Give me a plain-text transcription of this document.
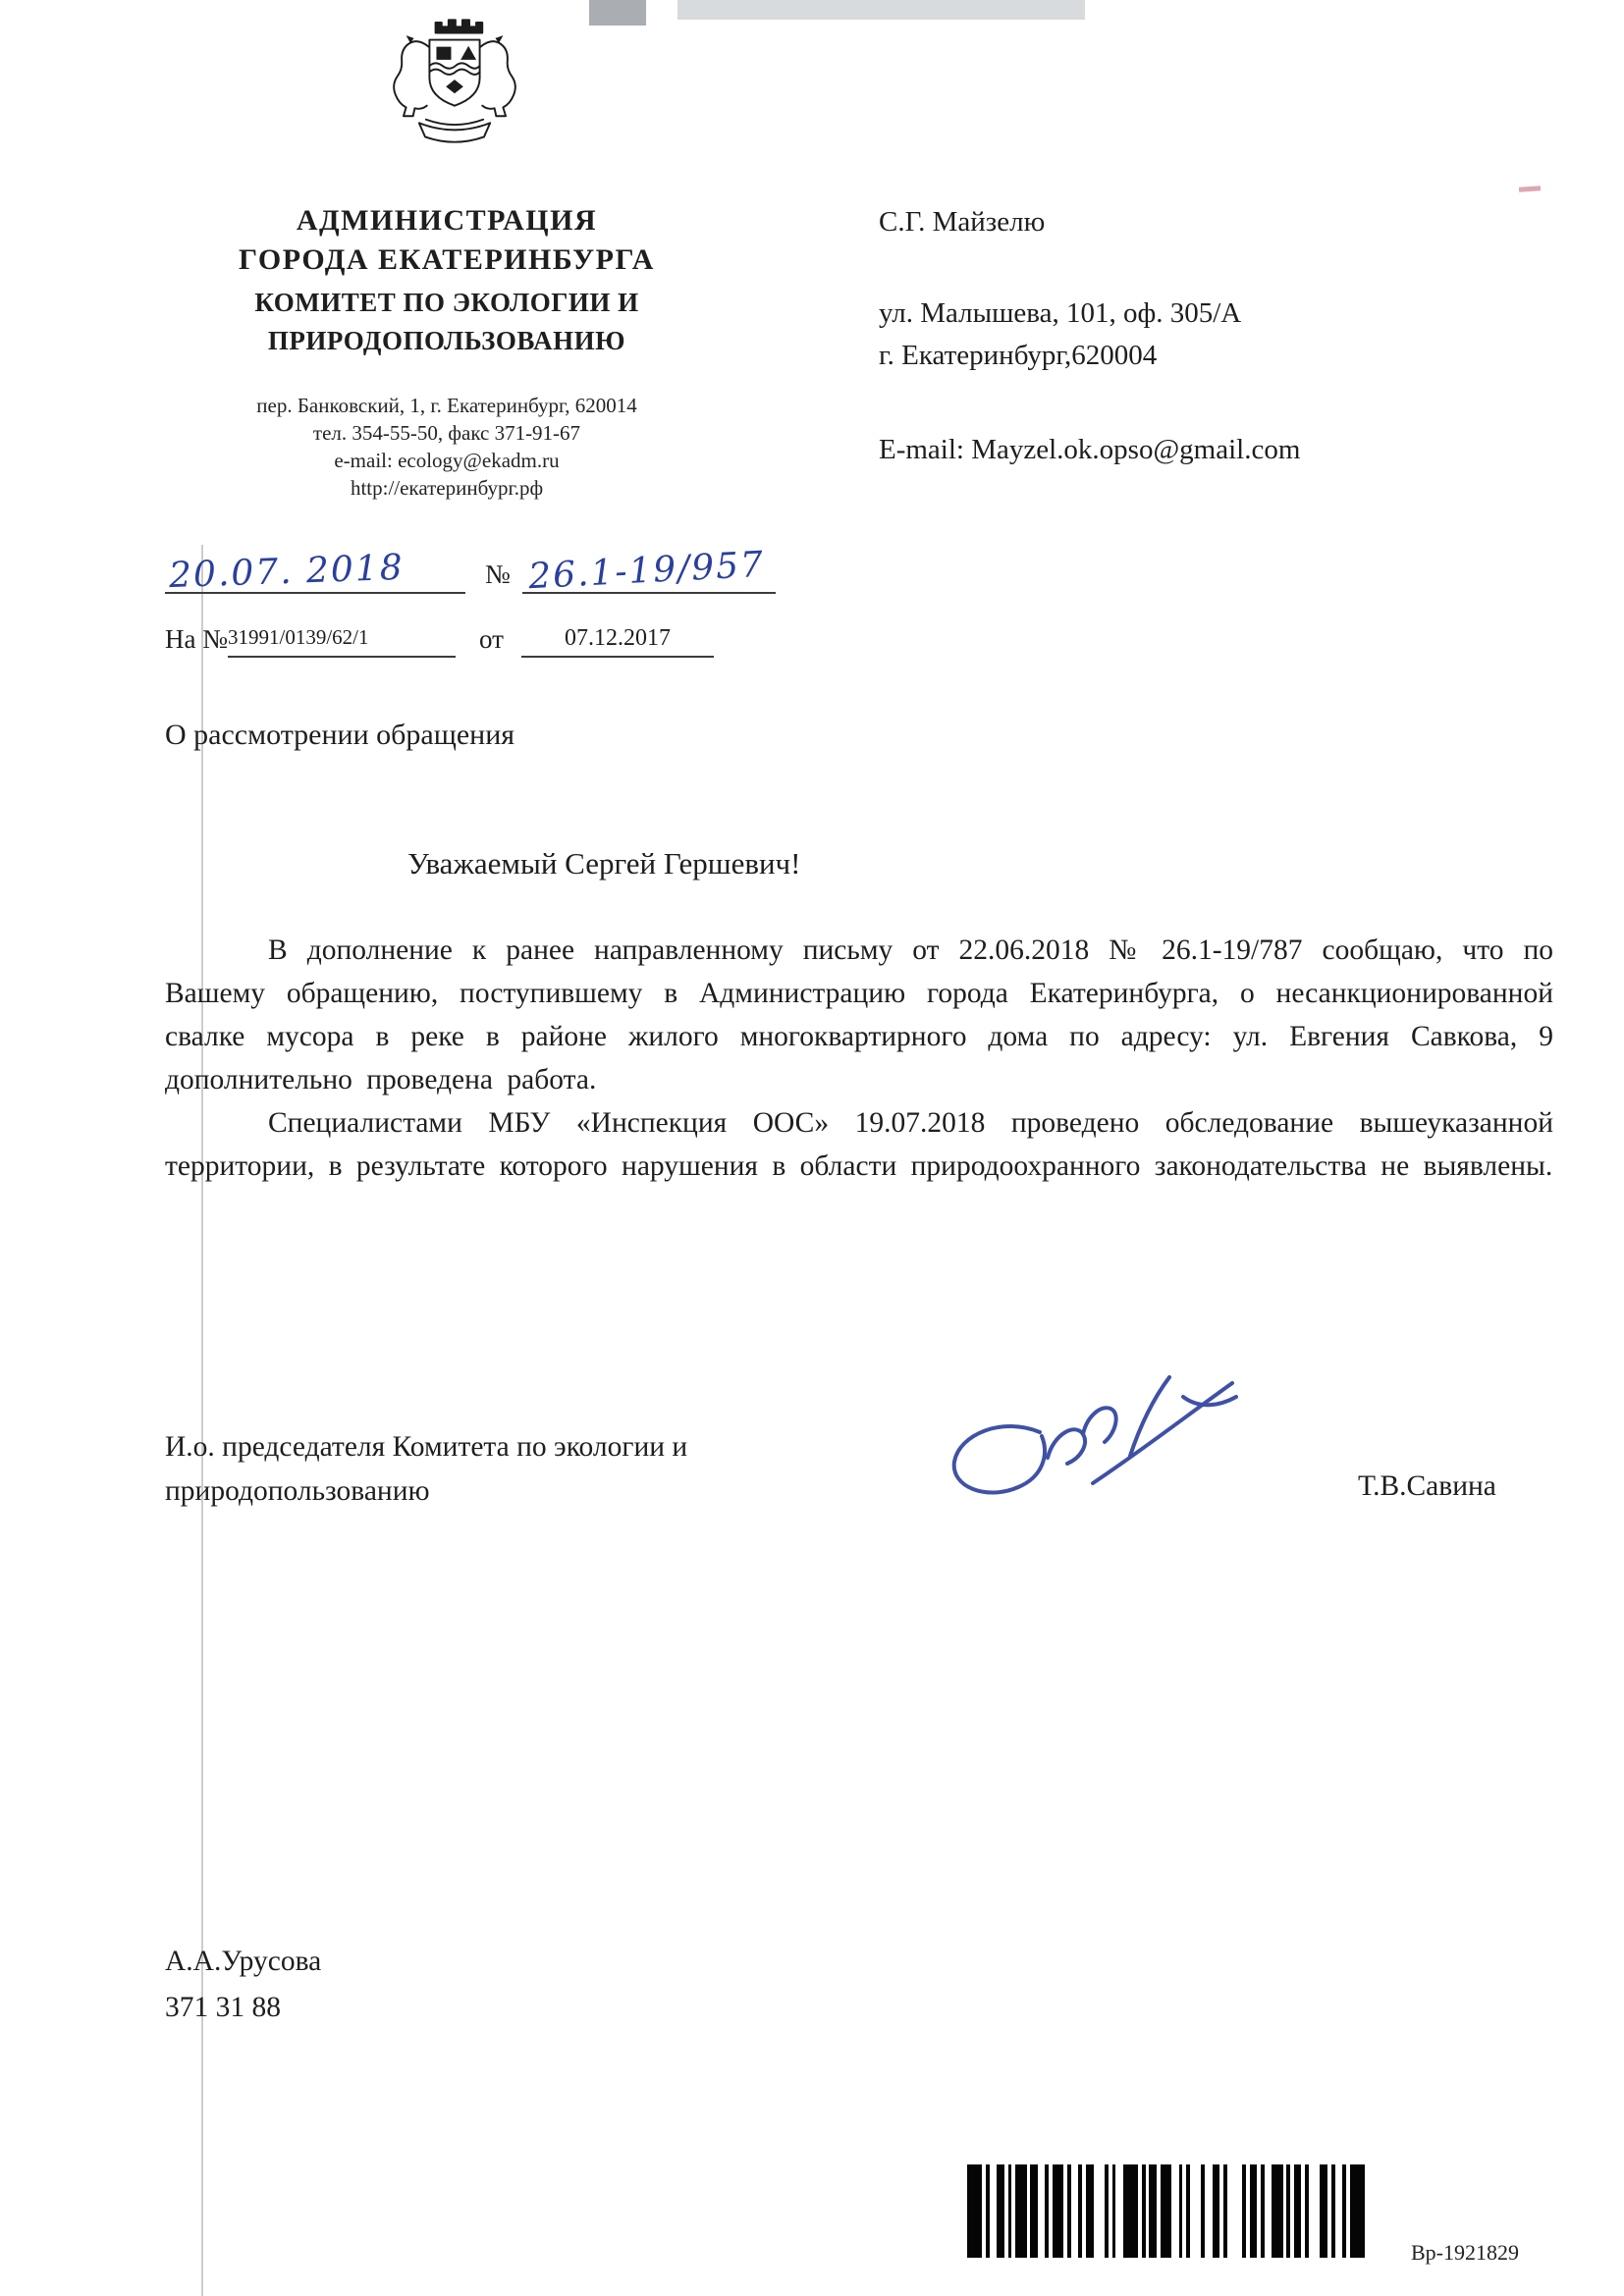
АДМИНИСТРАЦИЯ
ГОРОДА ЕКАТЕРИНБУРГА
КОМИТЕТ ПО ЭКОЛОГИИ И
ПРИРОДОПОЛЬЗОВАНИЮ
пер. Банковский, 1, г. Екатеринбург, 620014
тел. 354-55-50, факс 371-91-67
e-mail: ecology@ekadm.ru
http://екатеринбург.рф
С.Г. Майзелю
ул. Малышева, 101, оф. 305/А
г. Екатеринбург,620004
E-mail: Mayzel.ok.opso@gmail.com
20.07. 2018	№ 26.1-19/957
На № 31991/0139/62/1	от	07.12.2017
О рассмотрении обращения
Уважаемый Сергей Гершевич!

В дополнение к ранее направленному письму от 22.06.2018 № 26.1-19/787 сообщаю, что по Вашему обращению, поступившему в Администрацию города Екатеринбурга, о несанкционированной свалке мусора в реке в районе жилого многоквартирного дома по адресу: ул. Евгения Савкова, 9 дополнительно проведена работа.

Специалистами МБУ «Инспекция ООС» 19.07.2018 проведено обследование вышеуказанной территории, в результате которого нарушения в области природоохранного законодательства не выявлены.

И.о. председателя Комитета по экологии и
природопользованию	Т.В.Савина
А.А.Урусова
371 31 88
Вр-1921829
